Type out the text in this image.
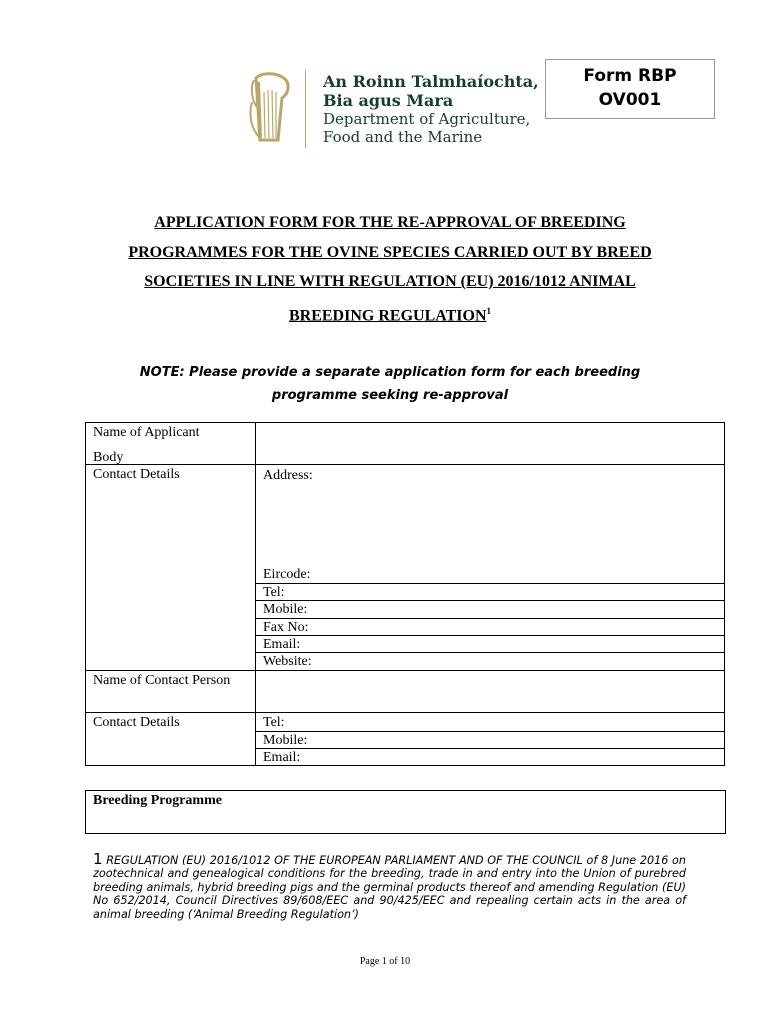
An Roinn Talmhaíochta,
Bia agus Mara
Department of Agriculture,
Food and the Marine
Form RBP
OV001
APPLICATION FORM FOR THE RE-APPROVAL OF BREEDING
PROGRAMMES FOR THE OVINE SPECIES CARRIED OUT BY BREED
SOCIETIES IN LINE WITH REGULATION (EU) 2016/1012 ANIMAL
BREEDING REGULATION$^1$
NOTE: Please provide a separate application form for each breeding
programme seeking re-approval
Name of Applicant
Body
Contact Details
Name of Contact Person
Contact Details
Address:
Eircode:
Tel:
Mobile:
Fax No:
Email:
Website:
Tel:
Mobile:
Email:
Breeding Programme
1 REGULATION (EU) 2016/1012 OF THE EUROPEAN PARLIAMENT AND OF THE COUNCIL of 8 June 2016 on zootechnical and genealogical conditions for the breeding, trade in and entry into the Union of purebred breeding animals, hybrid breeding pigs and the germinal products thereof and amending Regulation (EU) No 652/2014, Council Directives 89/608/EEC and 90/425/EEC and repealing certain acts in the area of animal breeding (‘Animal Breeding Regulation’)
Page 1 of 10
